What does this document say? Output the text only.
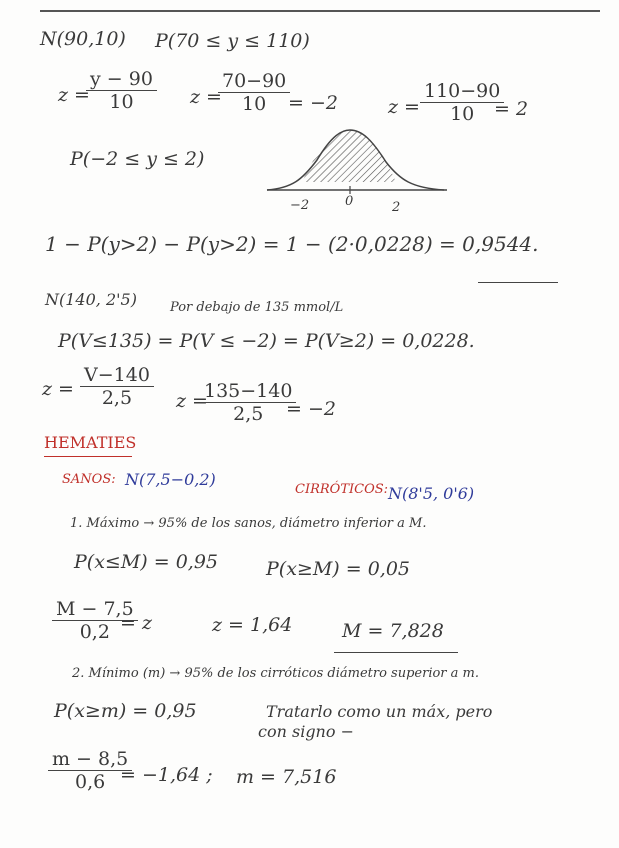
N(90,10) P(70 ≤ y ≤ 110)
z =
$\frac{y - 90}{10}$ z =
$\frac{70-90}{10}$
= −2	$z = \frac{110-90}{10}$
= 2
P(−2 ≤ y ≤ 2)
−2	0	2
1 − P(y>2) − P(y>2) = 1 − (2·0,0228) = 0,9544.
N(140, 2'5)	Por debajo de 135 mmol/L
P(V≤135) = P(V ≤ −2) = P(V≥2) = 0,0228.
$z = \frac{V-140}{2,5}$ z =
$\frac{135-140}{2,5}$
= −2
HEMATIES
SANOS: N(7,5−0,2)
CIRRÓTICOS: N(8'5, 0'6)
1. Máximo → 95% de los sanos, diámetro inferior a M.
P(x≤M) = 0,95	P(x≥M) = 0,05
$\frac{M - 7,5}{0,2}$
= z	z = 1,64	M = 7,828
2. Mínimo (m) → 95% de los cirróticos diámetro superior a m.
P(x≥m) = 0,95	Tratarlo como un máx, pero
con signo −
$\frac{m - 8,5}{0,6}$
= −1,64 ; m = 7,516
